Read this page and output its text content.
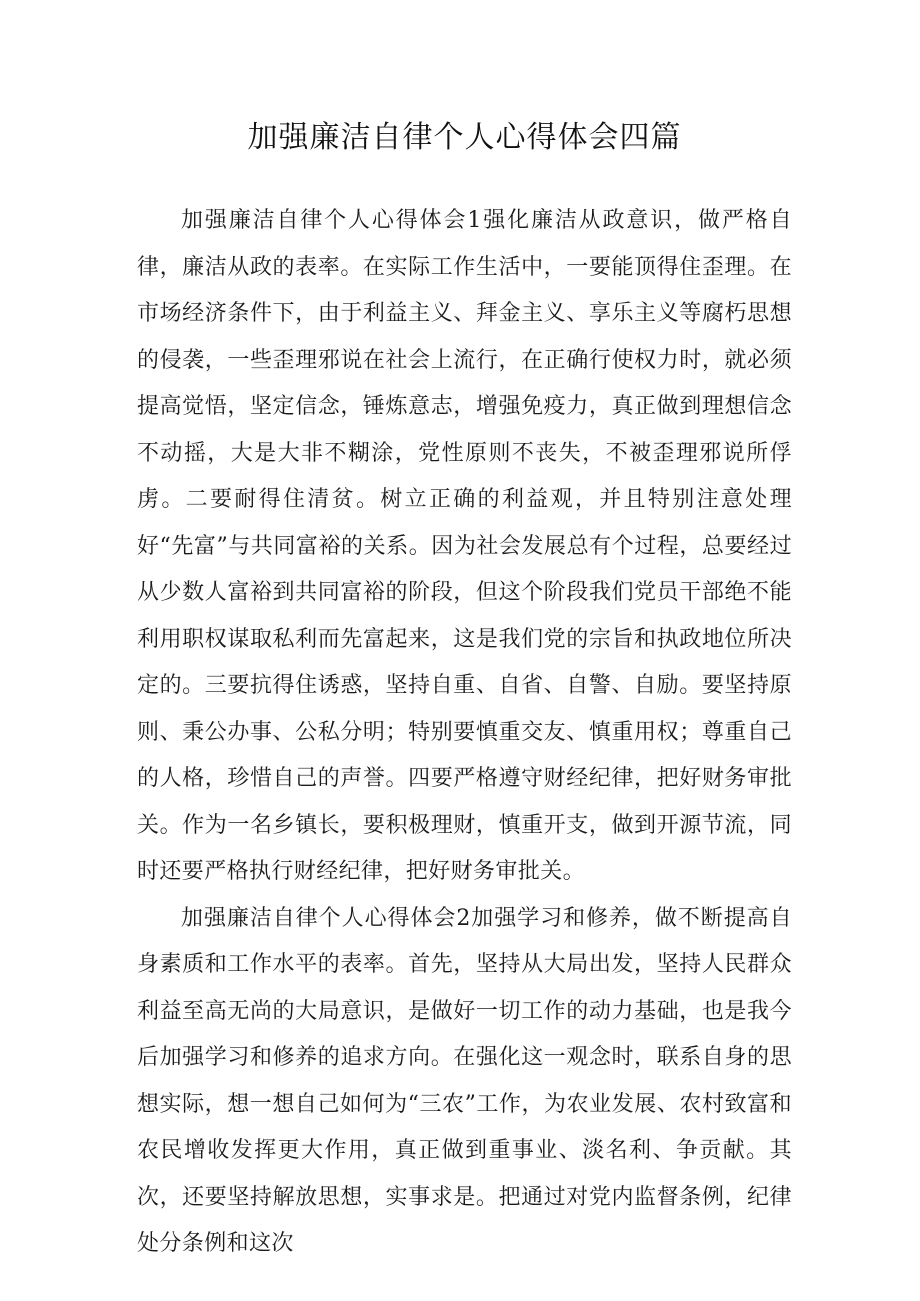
加强廉洁自律个人心得体会四篇

加强廉洁自律个人心得体会1强化廉洁从政意识，做严格自律，廉洁从政的表率。在实际工作生活中，一要能顶得住歪理。在市场经济条件下，由于利益主义、拜金主义、享乐主义等腐朽思想的侵袭，一些歪理邪说在社会上流行，在正确行使权力时，就必须提高觉悟，坚定信念，锤炼意志，增强免疫力，真正做到理想信念不动摇，大是大非不糊涂，党性原则不丧失，不被歪理邪说所俘虏。二要耐得住清贫。树立正确的利益观，并且特别注意处理好“先富”与共同富裕的关系。因为社会发展总有个过程，总要经过从少数人富裕到共同富裕的阶段，但这个阶段我们党员干部绝不能利用职权谋取私利而先富起来，这是我们党的宗旨和执政地位所决定的。三要抗得住诱惑，坚持自重、自省、自警、自励。要坚持原则、秉公办事、公私分明；特别要慎重交友、慎重用权；尊重自己的人格，珍惜自己的声誉。四要严格遵守财经纪律，把好财务审批关。作为一名乡镇长，要积极理财，慎重开支，做到开源节流，同时还要严格执行财经纪律，把好财务审批关。

加强廉洁自律个人心得体会2加强学习和修养，做不断提高自身素质和工作水平的表率。首先，坚持从大局出发，坚持人民群众利益至高无尚的大局意识，是做好一切工作的动力基础，也是我今后加强学习和修养的追求方向。在强化这一观念时，联系自身的思想实际，想一想自己如何为“三农”工作，为农业发展、农村致富和农民增收发挥更大作用，真正做到重事业、淡名利、争贡献。其次，还要坚持解放思想，实事求是。把通过对党内监督条例，纪律处分条例和这次
